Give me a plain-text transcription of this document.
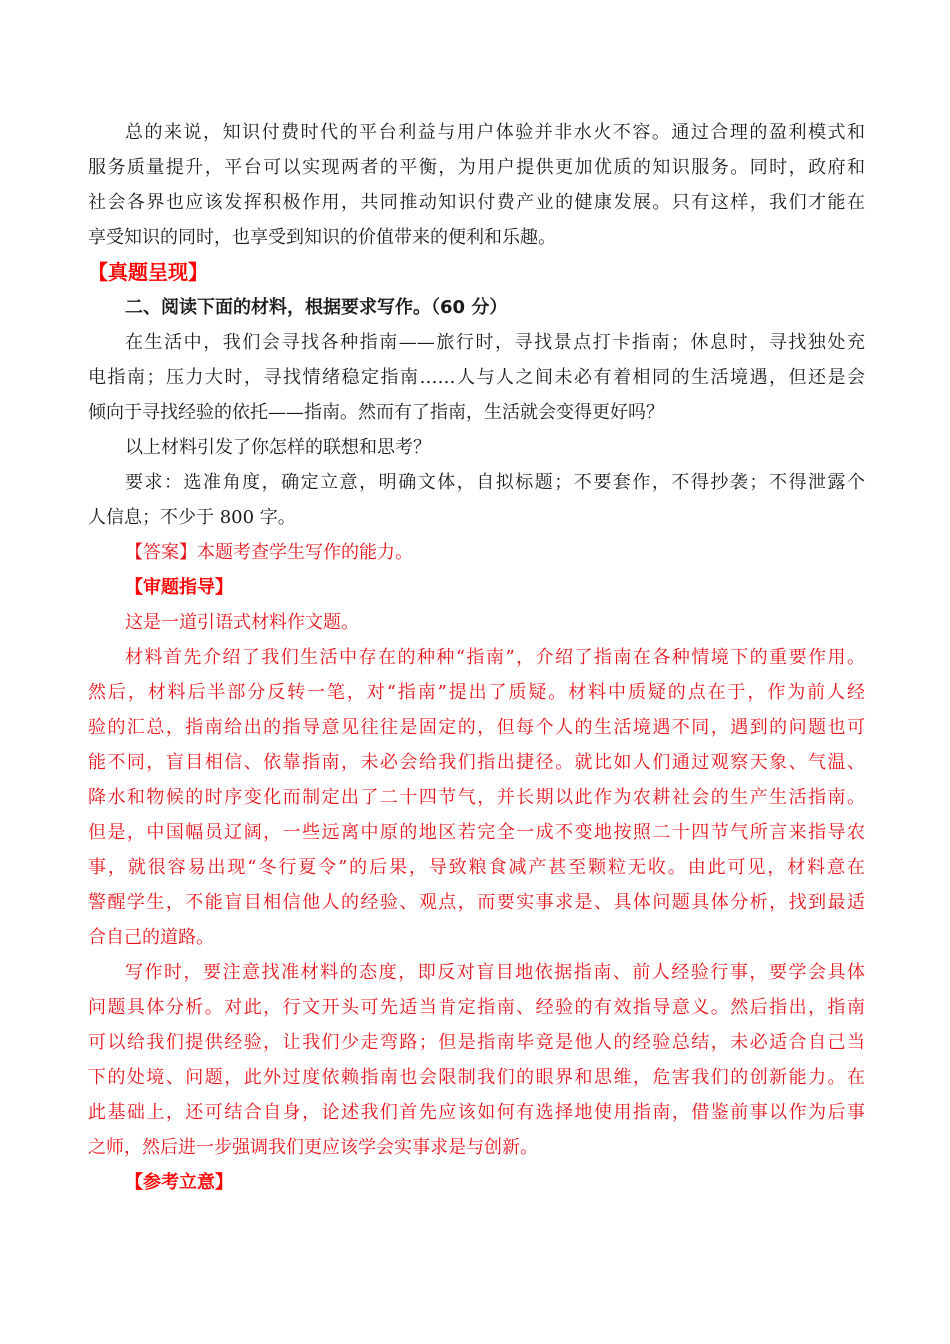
总的来说，知识付费时代的平台利益与用户体验并非水火不容。通过合理的盈利模式和
服务质量提升，平台可以实现两者的平衡，为用户提供更加优质的知识服务。同时，政府和
社会各界也应该发挥积极作用，共同推动知识付费产业的健康发展。只有这样，我们才能在
享受知识的同时，也享受到知识的价值带来的便利和乐趣。
【真题呈现】
二、阅读下面的材料，根据要求写作。（60 分）
在生活中，我们会寻找各种指南——旅行时，寻找景点打卡指南；休息时，寻找独处充
电指南；压力大时，寻找情绪稳定指南……人与人之间未必有着相同的生活境遇，但还是会
倾向于寻找经验的依托——指南。然而有了指南，生活就会变得更好吗？
以上材料引发了你怎样的联想和思考？
要求：选准角度，确定立意，明确文体，自拟标题；不要套作，不得抄袭；不得泄露个
人信息；不少于 800 字。
【答案】本题考查学生写作的能力。
【审题指导】
这是一道引语式材料作文题。
材料首先介绍了我们生活中存在的种种“指南”，介绍了指南在各种情境下的重要作用。
然后，材料后半部分反转一笔，对“指南”提出了质疑。材料中质疑的点在于，作为前人经
验的汇总，指南给出的指导意见往往是固定的，但每个人的生活境遇不同，遇到的问题也可
能不同，盲目相信、依靠指南，未必会给我们指出捷径。就比如人们通过观察天象、气温、
降水和物候的时序变化而制定出了二十四节气，并长期以此作为农耕社会的生产生活指南。
但是，中国幅员辽阔，一些远离中原的地区若完全一成不变地按照二十四节气所言来指导农
事，就很容易出现“冬行夏令”的后果，导致粮食减产甚至颗粒无收。由此可见，材料意在
警醒学生，不能盲目相信他人的经验、观点，而要实事求是、具体问题具体分析，找到最适
合自己的道路。
写作时，要注意找准材料的态度，即反对盲目地依据指南、前人经验行事，要学会具体
问题具体分析。对此，行文开头可先适当肯定指南、经验的有效指导意义。然后指出，指南
可以给我们提供经验，让我们少走弯路；但是指南毕竟是他人的经验总结，未必适合自己当
下的处境、问题，此外过度依赖指南也会限制我们的眼界和思维，危害我们的创新能力。在
此基础上，还可结合自身，论述我们首先应该如何有选择地使用指南，借鉴前事以作为后事
之师，然后进一步强调我们更应该学会实事求是与创新。
【参考立意】
